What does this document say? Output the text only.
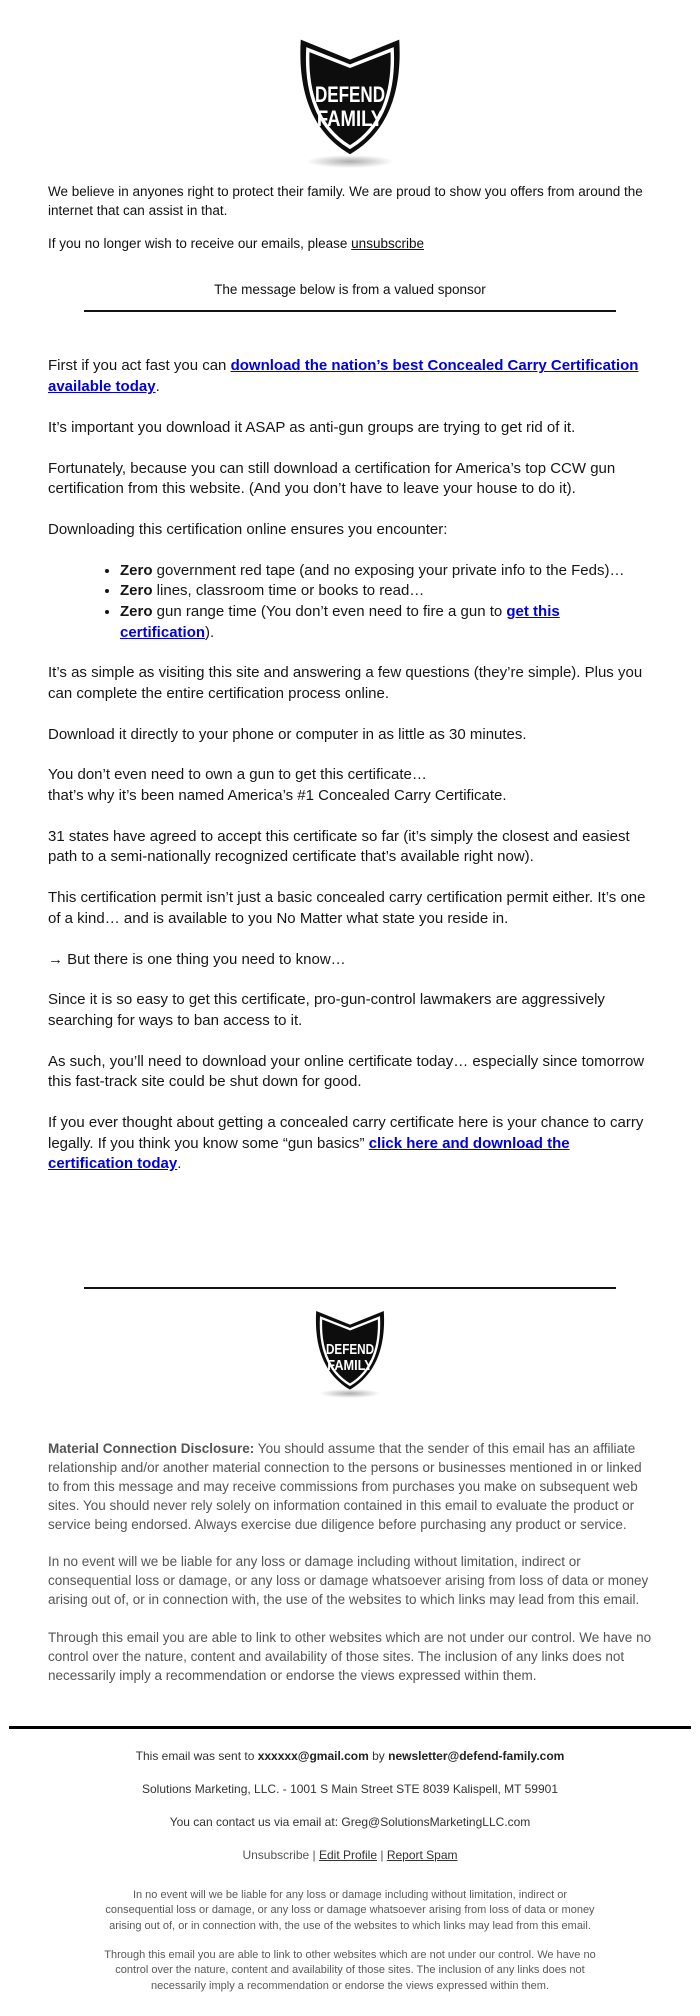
DEFEND
FAMILY

We believe in anyones right to protect their family. We are proud to show you offers from around the internet that can assist in that.

If you no longer wish to receive our emails, please unsubscribe

The message below is from a valued sponsor

First if you act fast you can download the nation’s best Concealed Carry Certification available today.

It’s important you download it ASAP as anti-gun groups are trying to get rid of it.

Fortunately, because you can still download a certification for America’s top CCW gun certification from this website. (And you don’t have to leave your house to do it).

Downloading this certification online ensures you encounter:

• Zero government red tape (and no exposing your private info to the Feds)…
• Zero lines, classroom time or books to read…
• Zero gun range time (You don’t even need to fire a gun to get this certification).

It’s as simple as visiting this site and answering a few questions (they’re simple). Plus you can complete the entire certification process online.

Download it directly to your phone or computer in as little as 30 minutes.

You don’t even need to own a gun to get this certificate…
that’s why it’s been named America’s #1 Concealed Carry Certificate.

31 states have agreed to accept this certificate so far (it’s simply the closest and easiest path to a semi-nationally recognized certificate that’s available right now).

This certification permit isn’t just a basic concealed carry certification permit either. It’s one of a kind… and is available to you No Matter what state you reside in.

→ But there is one thing you need to know…

Since it is so easy to get this certificate, pro-gun-control lawmakers are aggressively searching for ways to ban access to it.

As such, you’ll need to download your online certificate today… especially since tomorrow this fast-track site could be shut down for good.

If you ever thought about getting a concealed carry certificate here is your chance to carry legally. If you think you know some “gun basics” click here and download the certification today.

DEFEND
FAMILY

Material Connection Disclosure: You should assume that the sender of this email has an affiliate relationship and/or another material connection to the persons or businesses mentioned in or linked to from this message and may receive commissions from purchases you make on subsequent web sites. You should never rely solely on information contained in this email to evaluate the product or service being endorsed. Always exercise due diligence before purchasing any product or service.

In no event will we be liable for any loss or damage including without limitation, indirect or consequential loss or damage, or any loss or damage whatsoever arising from loss of data or money arising out of, or in connection with, the use of the websites to which links may lead from this email.

Through this email you are able to link to other websites which are not under our control. We have no control over the nature, content and availability of those sites. The inclusion of any links does not necessarily imply a recommendation or endorse the views expressed within them.

This email was sent to xxxxxx@gmail.com by newsletter@defend-family.com

Solutions Marketing, LLC. - 1001 S Main Street STE 8039 Kalispell, MT 59901

You can contact us via email at: Greg@SolutionsMarketingLLC.com

Unsubscribe | Edit Profile | Report Spam

In no event will we be liable for any loss or damage including without limitation, indirect or consequential loss or damage, or any loss or damage whatsoever arising from loss of data or money arising out of, or in connection with, the use of the websites to which links may lead from this email.

Through this email you are able to link to other websites which are not under our control. We have no control over the nature, content and availability of those sites. The inclusion of any links does not necessarily imply a recommendation or endorse the views expressed within them.
